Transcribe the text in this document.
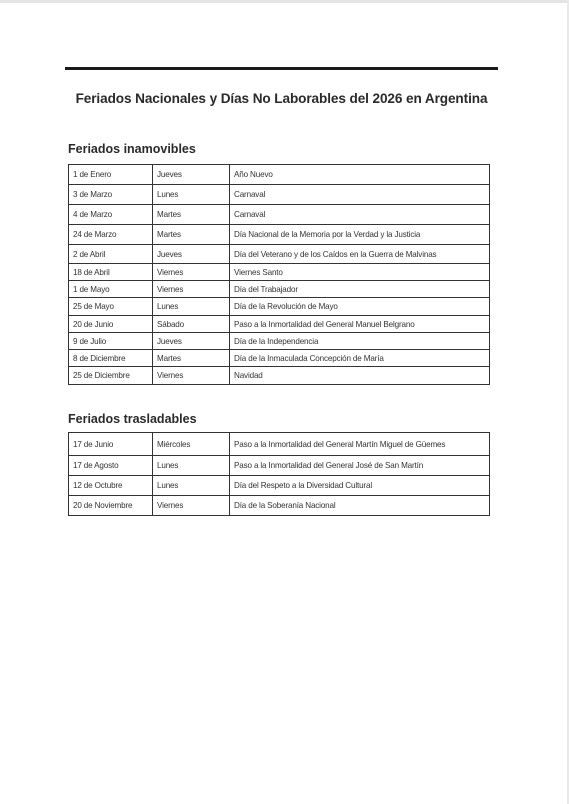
Feriados Nacionales y Días No Laborables del 2026 en Argentina
Feriados inamovibles
1 de Enero	Jueves	Año Nuevo
3 de Marzo	Lunes	Carnaval
4 de Marzo	Martes	Carnaval
24 de Marzo	Martes	Día Nacional de la Memoria por la Verdad y la Justicia
2 de Abril	Jueves	Día del Veterano y de los Caídos en la Guerra de Malvinas
18 de Abril	Viernes	Viernes Santo
1 de Mayo	Viernes	Día del Trabajador
25 de Mayo	Lunes	Día de la Revolución de Mayo
20 de Junio	Sábado	Paso a la Inmortalidad del General Manuel Belgrano
9 de Julio	Jueves	Día de la Independencia
8 de Diciembre	Martes	Día de la Inmaculada Concepción de María
25 de Diciembre	Viernes	Navidad
Feriados trasladables
17 de Junio	Miércoles	Paso a la Inmortalidad del General Martín Miguel de Güemes
17 de Agosto	Lunes	Paso a la Inmortalidad del General José de San Martín
12 de Octubre	Lunes	Día del Respeto a la Diversidad Cultural
20 de Noviembre	Viernes	Día de la Soberanía Nacional
